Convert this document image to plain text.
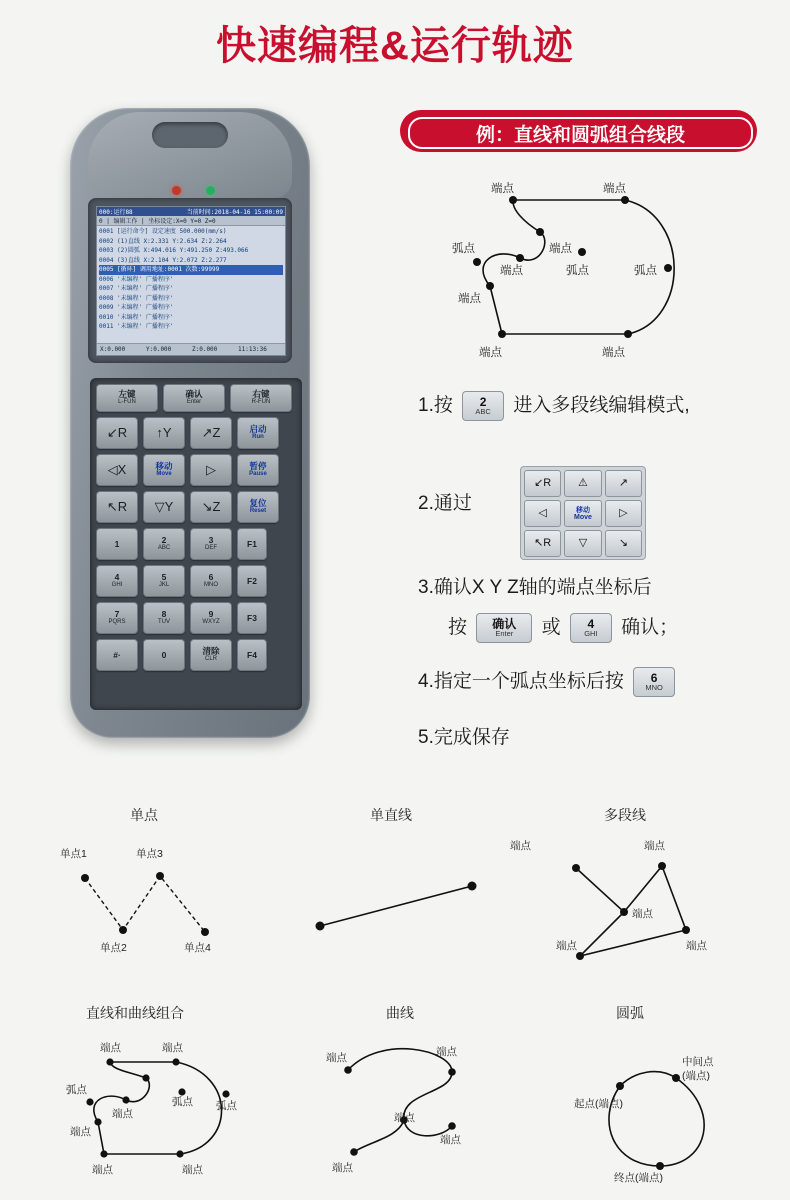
快速编程&运行轨迹
例：直线和圆弧组合线段
000:运行88	当前时间:2018-04-16 15:00:09
0 | 编辑工作 | 坐标设定:X=0 Y=0 Z=0
0001 [运行命令] 设定速度 500.000(mm/s)
0002 (1)直线 X:2.331 Y:2.634 Z:2.264
0003 (2)圆弧 X:494.016 Y:491.250 Z:493.066
0004 (3)直线 X:2.104 Y:2.072 Z:2.277
0005 [循环] 调用地址:0001 次数:99999
0006 '未编程' 广播程序'
0007 '未编程' 广播程序'
0008 '未编程' 广播程序'
0009 '未编程' 广播程序'
0010 '未编程' 广播程序'
0011 '未编程' 广播程序'
X:0.000	Y:0.000	Z:0.000	11:13:36
左键
L-FUN
确认
Enter
右键
R-FUN
↙R ↑Y ↗Z	启动
Run
◁X	移动
Move	▷	暂停
Pause
↖R ▽Y ↘Z	复位
Reset
1	2
ABC
3
DEF	F1
4
GHI
5
JKL
6
MNO	F2
7
PQRS
8
TUV
9
WXYZ	F3
#·	0	清除
CLR	F4
端点	端点
端点
弧点
端点	弧点	弧点
端点
端点	端点
1.按 2
ABC 进入多段线编辑模式,
2.通过
↙R ⚠	↗
◁	移动
Move ▷
↖R	▽	↘
3.确认X Y Z轴的端点坐标后
按 确认
Enter 或 4
GHI 确认；
4.指定一个弧点坐标后按 6
MNO
5.完成保存
单点	单直线	多段线
直线和曲线组合	曲线	圆弧
单点1	单点3
单点2	单点4
端点	端点
端点
端点	端点
端点	端点
弧点
端点
弧点 弧点
端点
端点	端点
端点	端点
端点
端点
端点
中间点
(端点)
起点(端点)
终点(端点)
